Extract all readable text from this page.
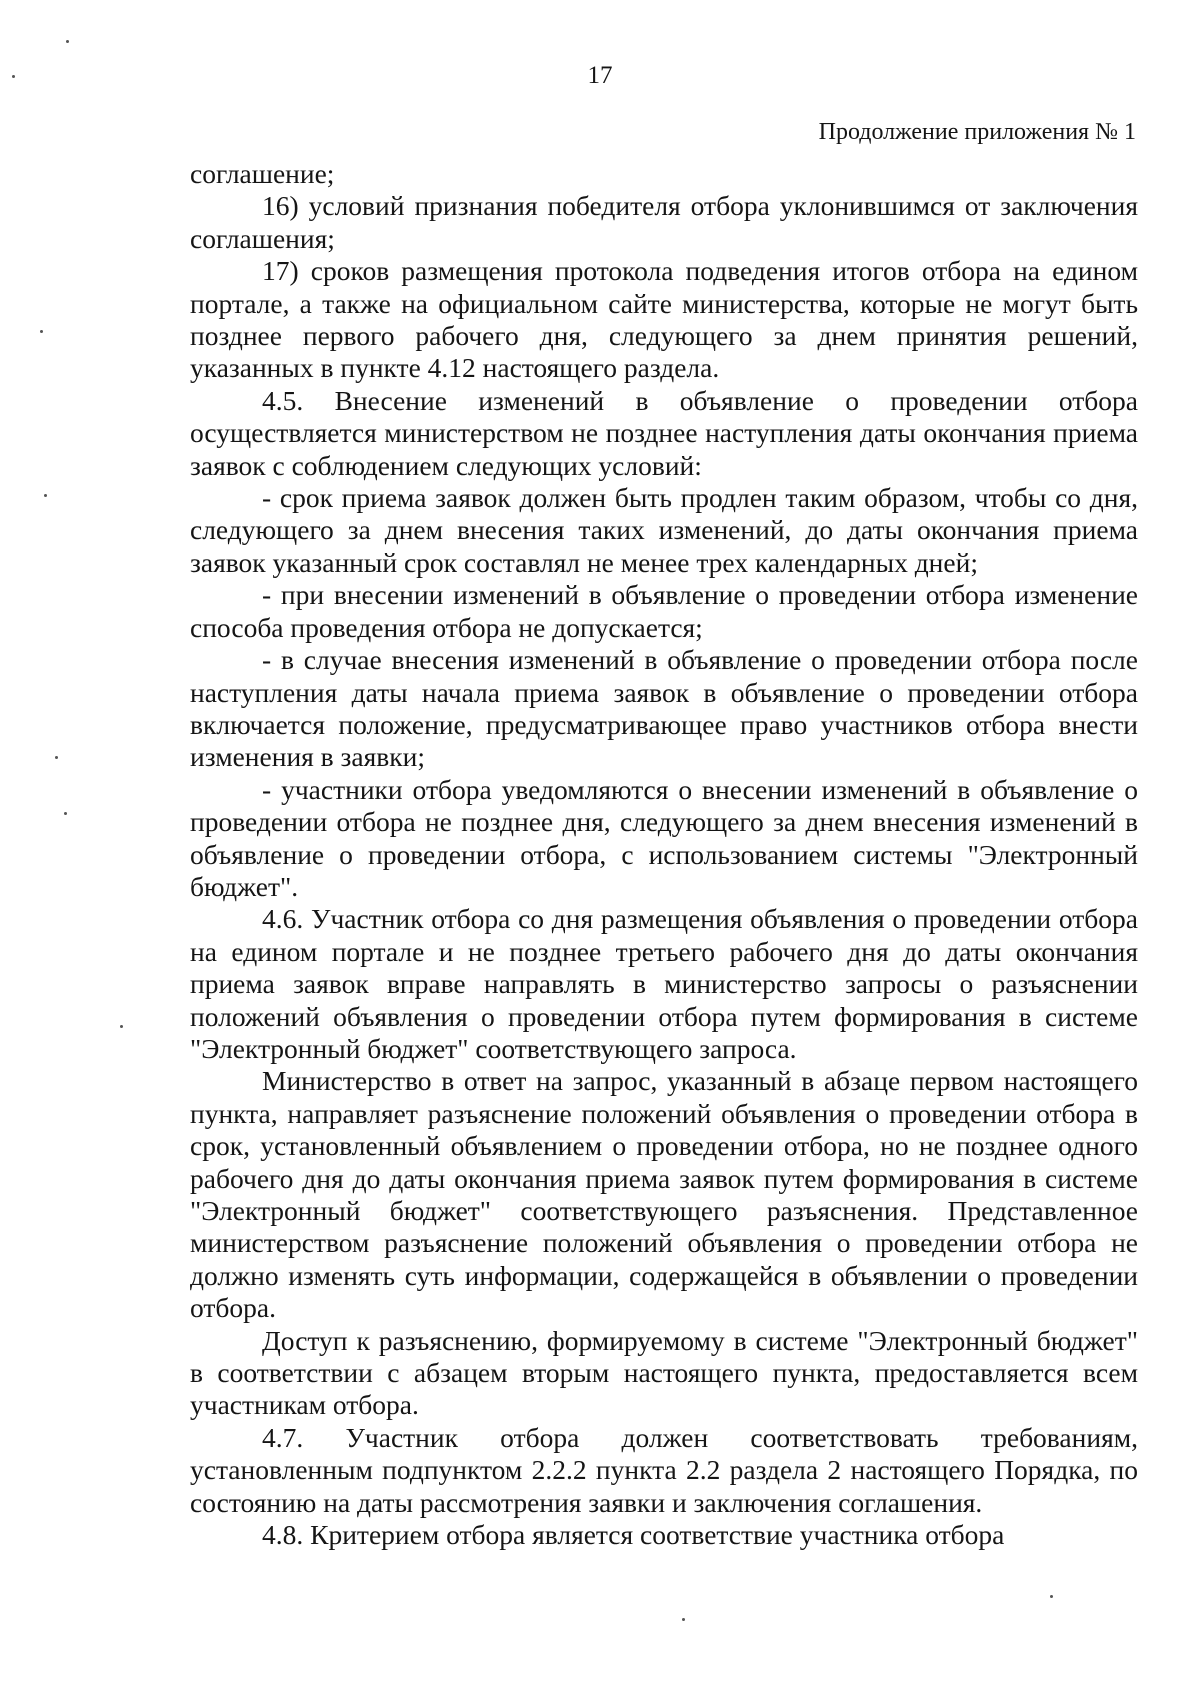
17
Продолжение приложения № 1

соглашение;

16) условий признания победителя отбора уклонившимся от заключения соглашения;

17) сроков размещения протокола подведения итогов отбора на едином портале, а также на официальном сайте министерства, которые не могут быть позднее первого рабочего дня, следующего за днем принятия решений, указанных в пункте 4.12 настоящего раздела.

4.5. Внесение изменений в объявление о проведении отбора осуществляется министерством не позднее наступления даты окончания приема заявок с соблюдением следующих условий:

- срок приема заявок должен быть продлен таким образом, чтобы со дня, следующего за днем внесения таких изменений, до даты окончания приема заявок указанный срок составлял не менее трех календарных дней;

- при внесении изменений в объявление о проведении отбора изменение способа проведения отбора не допускается;

- в случае внесения изменений в объявление о проведении отбора после наступления даты начала приема заявок в объявление о проведении отбора включается положение, предусматривающее право участников отбора внести изменения в заявки;

- участники отбора уведомляются о внесении изменений в объявление о проведении отбора не позднее дня, следующего за днем внесения изменений в объявление о проведении отбора, с использованием системы "Электронный бюджет".

4.6. Участник отбора со дня размещения объявления о проведении отбора на едином портале и не позднее третьего рабочего дня до даты окончания приема заявок вправе направлять в министерство запросы о разъяснении положений объявления о проведении отбора путем формирования в системе "Электронный бюджет" соответствующего запроса.

Министерство в ответ на запрос, указанный в абзаце первом настоящего пункта, направляет разъяснение положений объявления о проведении отбора в срок, установленный объявлением о проведении отбора, но не позднее одного рабочего дня до даты окончания приема заявок путем формирования в системе "Электронный бюджет" соответствующего разъяснения. Представленное министерством разъяснение положений объявления о проведении отбора не должно изменять суть информации, содержащейся в объявлении о проведении отбора.

Доступ к разъяснению, формируемому в системе "Электронный бюджет" в соответствии с абзацем вторым настоящего пункта, предоставляется всем участникам отбора.

4.7. Участник отбора должен соответствовать требованиям, установленным подпунктом 2.2.2 пункта 2.2 раздела 2 настоящего Порядка, по состоянию на даты рассмотрения заявки и заключения соглашения.

4.8. Критерием отбора является соответствие участника отбора
